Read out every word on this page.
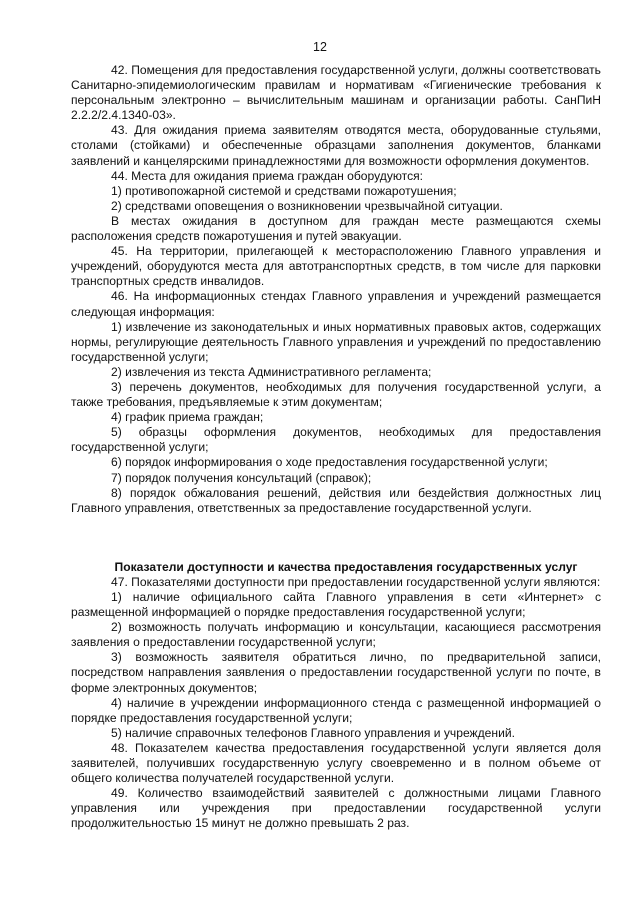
12

42. Помещения для предоставления государственной услуги, должны соответствовать Санитарно-эпидемиологическим правилам и нормативам «Гигиенические требования к персональным электронно – вычислительным машинам и организации работы. СанПиН 2.2.2/2.4.1340-03».

43. Для ожидания приема заявителям отводятся места, оборудованные стульями, столами (стойками) и обеспеченные образцами заполнения документов, бланками заявлений и канцелярскими принадлежностями для возможности оформления документов.

44. Места для ожидания приема граждан оборудуются:

1) противопожарной системой и средствами пожаротушения;

2) средствами оповещения о возникновении чрезвычайной ситуации.

В местах ожидания в доступном для граждан месте размещаются схемы расположения средств пожаротушения и путей эвакуации.

45. На территории, прилегающей к месторасположению Главного управления и учреждений, оборудуются места для автотранспортных средств, в том числе для парковки транспортных средств инвалидов.

46. На информационных стендах Главного управления и учреждений размещается следующая информация:

1) извлечение из законодательных и иных нормативных правовых актов, содержащих нормы, регулирующие деятельность Главного управления и учреждений по предоставлению государственной услуги;

2) извлечения из текста Административного регламента;

3) перечень документов, необходимых для получения государственной услуги, а также требования, предъявляемые к этим документам;

4) график приема граждан;

5) образцы оформления документов, необходимых для предоставления государственной услуги;

6) порядок информирования о ходе предоставления государственной услуги;

7) порядок получения консультаций (справок);

8) порядок обжалования решений, действия или бездействия должностных лиц Главного управления, ответственных за предоставление государственной услуги.

Показатели доступности и качества предоставления государственных услуг

47. Показателями доступности при предоставлении государственной услуги являются:

1) наличие официального сайта Главного управления в сети «Интернет» с размещенной информацией о порядке предоставления государственной услуги;

2) возможность получать информацию и консультации, касающиеся рассмотрения заявления о предоставлении государственной услуги;

3) возможность заявителя обратиться лично, по предварительной записи, посредством направления заявления о предоставлении государственной услуги по почте, в форме электронных документов;

4) наличие в учреждении информационного стенда с размещенной информацией о порядке предоставления государственной услуги;

5) наличие справочных телефонов Главного управления и учреждений.

48. Показателем качества предоставления государственной услуги является доля заявителей, получивших государственную услугу своевременно и в полном объеме от общего количества получателей государственной услуги.

49. Количество взаимодействий заявителей с должностными лицами Главного управления или учреждения при предоставлении государственной услуги продолжительностью 15 минут не должно превышать 2 раз.
